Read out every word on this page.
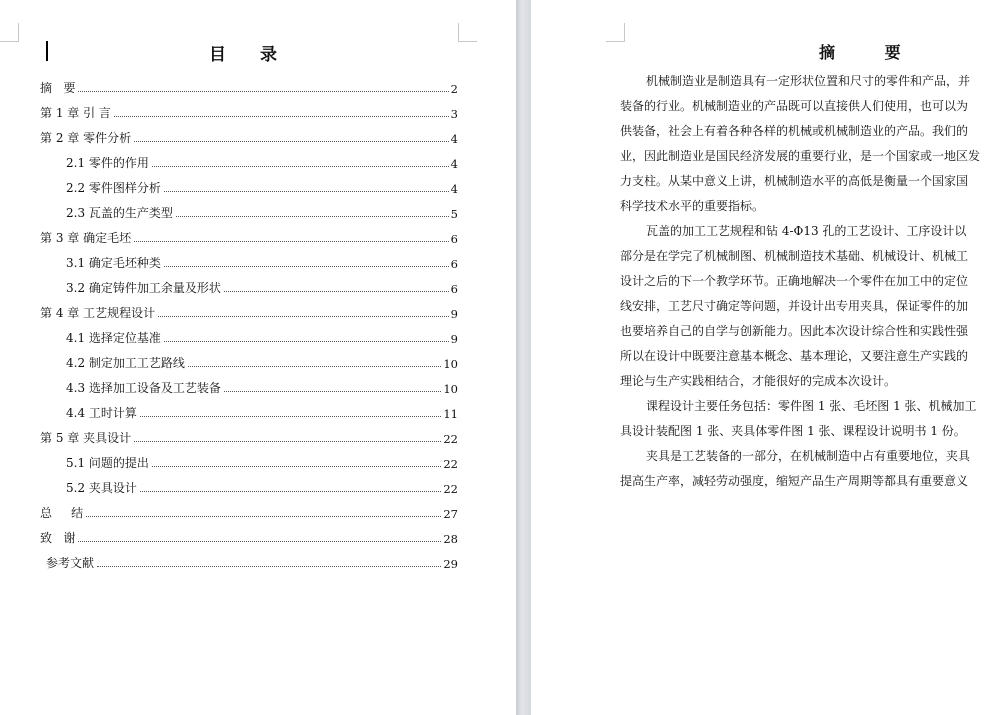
目 录
摘   要	2
第 1 章 引 言	3
第 2 章 零件分析	4
2.1 零件的作用	4
2.2 零件图样分析	4
2.3 瓦盖的生产类型	5
第 3 章 确定毛坯	6
3.1 确定毛坯种类	6
3.2 确定铸件加工余量及形状	6
第 4 章 工艺规程设计	9
4.1 选择定位基准	9
4.2 制定加工工艺路线	10
4.3 选择加工设备及工艺装备	10
4.4 工时计算	11
第 5 章 夹具设计	22
5.1 问题的提出	22
5.2 夹具设计	22
总     结	27
致   谢	28
参考文献	29
摘 要
机械制造业是制造具有一定形状位置和尺寸的零件和产品，并
装备的行业。机械制造业的产品既可以直接供人们使用，也可以为
供装备，社会上有着各种各样的机械或机械制造业的产品。我们的
业，因此制造业是国民经济发展的重要行业，是一个国家或一地区发
力支柱。从某中意义上讲，机械制造水平的高低是衡量一个国家国
科学技术水平的重要指标。
瓦盖的加工工艺规程和钻 4-Φ13 孔的工艺设计、工序设计以
部分是在学完了机械制图、机械制造技术基础、机械设计、机械工
设计之后的下一个教学环节。正确地解决一个零件在加工中的定位
线安排，工艺尺寸确定等问题，并设计出专用夹具，保证零件的加
也要培养自己的自学与创新能力。因此本次设计综合性和实践性强
所以在设计中既要注意基本概念、基本理论，又要注意生产实践的
理论与生产实践相结合，才能很好的完成本次设计。
课程设计主要任务包括：零件图 1 张、毛坯图 1 张、机械加工
具设计装配图 1 张、夹具体零件图 1 张、课程设计说明书 1 份。
夹具是工艺装备的一部分，在机械制造中占有重要地位，夹具
提高生产率，减轻劳动强度，缩短产品生产周期等都具有重要意义
